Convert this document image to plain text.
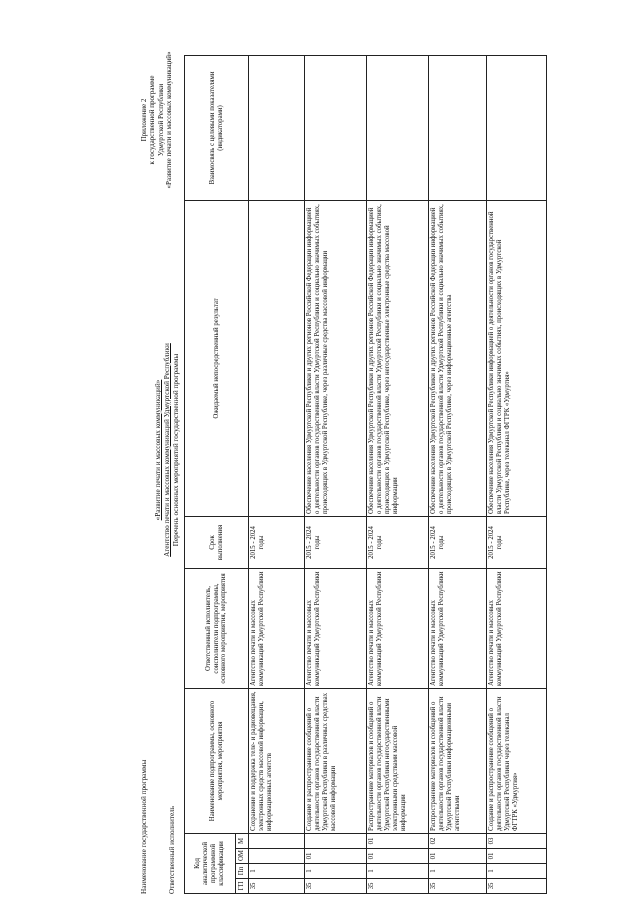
Приложение 2 к государственной программе Удмуртской Республики «Развитие печати и массовых коммуникаций»
Наименование государственной программы	Ответственный исполнитель
Перечень основных мероприятий государственной программы
«Развитие печати и массовых коммуникаций» Агентство печати и массовых коммуникаций Удмуртской Республики
Код аналитической программной классификации				Наименование подпрограммы, основного мероприятия, мероприятия	Ответственный исполнитель, соисполнители подпрограммы, основного мероприятия, мероприятия	Срок выполнения	Ожидаемый непосредственный результат	Взаимосвязь с целевыми показателями (индикаторами)
ГП	Пп	ОМ	М					
35	1			Сохранение и поддержка теле- и радиовещания, электронных средств массовой информации, информационных агентств	Агентство печати и массовых коммуникаций Удмуртской Республики	2015 - 2024 годы		
35	1	01		Создание и распространение сообщений о деятельности органов государственной власти Удмуртской Республики в различных средствах массовой информации	Агентство печати и массовых коммуникаций Удмуртской Республики	2015 - 2024 годы	Обеспечение населения Удмуртской Республики и других регионов Российской Федерации информацией о деятельности органов государственной власти Удмуртской Республики и социально значимых событиях, происходящих в Удмуртской Республике, через различные средства массовой информации	
35	1	01	01	Распространение материалов и сообщений о деятельности органов государственной власти Удмуртской Республики негосударственными электронными средствами массовой информации	Агентство печати и массовых коммуникаций Удмуртской Республики	2015 - 2024 годы	Обеспечение населения Удмуртской Республики и других регионов Российской Федерации информацией о деятельности органов государственной власти Удмуртской Республики и социально значимых событиях, происходящих в Удмуртской Республике, через негосударственные электронные средства массовой информации	
35	1	01	02	Распространение материалов и сообщений о деятельности органов государственной власти Удмуртской Республики информационными агентствами	Агентство печати и массовых коммуникаций Удмуртской Республики	2015 - 2024 годы	Обеспечение населения Удмуртской Республики и других регионов Российской Федерации информацией о деятельности органов государственной власти Удмуртской Республики и социально значимых событиях, происходящих в Удмуртской Республике, через информационные агентства	
35	1	01	03	Создание и распространение сообщений о деятельности органов государственной власти Удмуртской Республики через телеканал ФГТРК «Удмуртия»	Агентство печати и массовых коммуникаций Удмуртской Республики	2015 - 2024 годы	Обеспечение населения Удмуртской Республики информацией о деятельности органов государственной власти Удмуртской Республики и социально значимых событиях, происходящих в Удмуртской Республике, через телеканал ФГТРК «Удмуртия»	
